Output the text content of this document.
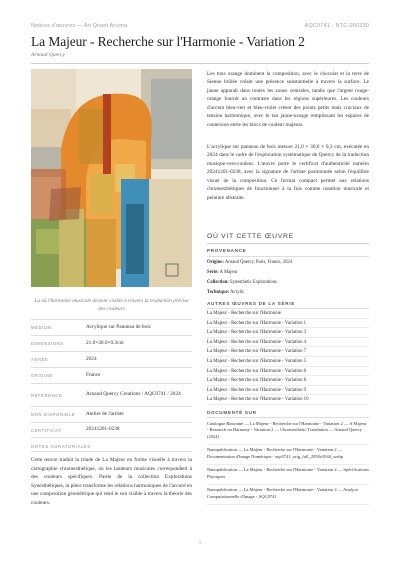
Notices d'œuvres — Art Quant Arcima	AQC0741 · NTC-000230
La Majeur - Recherche sur l'Harmonie - Variation 2
Arnaud Quercy
La où l'harmonie musicale devient visible à travers la traduction précise des couleurs
MÉDIUM	Acrylique sur Panneau de bois
DIMENSIONS	21.0×30.0×0.3cm
ANNÉE	2024
ORIGINE	France
RÉFÉRENCE	Arnaud Quercy Creations / AQC0741 / 2024
NON DISPONIBLE	Atelier de l'artiste
CERTIFICAT	20241201-0238
NOTES CURATORIALES
Cette œuvre traduit la triade de La Majeur en forme visuelle à travers la cartographie chromesthétique, où les hauteurs musicales correspondent à des couleurs spécifiques. Partie de la collection Explorations Synesthétiques, la pièce transforme les relations harmoniques de l'accord en une composition géométrique qui rend le son visible à travers la théorie des couleurs.
Les tons orange dominent la composition, avec le chocolat et la terre de Sienne brûlée créant une présence substantielle à travers la surface. Le jaune apparaît dans toutes les zones centrales, tandis que l'argent rouge-orange fournit un contraste dans les régions supérieures. Les couleurs d'accent bleu-vert et bleu-violet créent des points petits mais cruciaux de tension harmonique, avec le tan jaune-orange remplissant les espaces de connexion entre les blocs de couleur majeurs.
L'acrylique sur panneau de bois mesure 21,0 × 30,0 × 0,3 cm, exécutée en 2024 dans le cadre de l'exploration systématique de Quercy de la traduction musique-vers-couleur. L'œuvre porte le certificat d'authenticité numéro 20241201-0238, avec la signature de l'artiste positionnée selon l'équilibre visuel de la composition. Ce format compact permet aux relations chromesthétiques de fonctionner à la fois comme notation musicale et peinture abstraite.
OÙ VIT CETTE ŒUVRE
PROVENANCE
Origine: Arnaud Quercy, Paris, France, 2024
Série: A Majeur
Collection: Synesthetic Explorations
Technique: Acrylic
AUTRES ŒUVRES DE LA SÉRIE
La Majeur - Recherche sur l'Harmonie
La Majeur - Recherche sur l'Harmonie - Variation 1
La Majeur - Recherche sur l'Harmonie - Variation 3
La Majeur - Recherche sur l'Harmonie - Variation 4
La Majeur - Recherche sur l'Harmonie - Variation 7
La Majeur - Recherche sur l'Harmonie - Variation 5
La Majeur - Recherche sur l'Harmonie - Variation 6
La Majeur - Recherche sur l'Harmonie - Variation 8
La Majeur - Recherche sur l'Harmonie - Variation 9
La Majeur - Recherche sur l'Harmonie - Variation 10
DOCUMENTÉ SUR
Catalogue Raisonné — La Majeur - Recherche sur l'Harmonie - Variation 2 — A Majeur - Research on Harmony - Variation 2 — Chromesthetic Translation — Arnaud Quercy (2024)
Nanopublication — La Majeur - Recherche sur l'Harmonie - Variation 2 — Documentation d'Image Numérique - aqc0741_orig_full_2958x3944_webp
Nanopublication — La Majeur - Recherche sur l'Harmonie - Variation 2 — Spécifications Physiques
Nanopublication — La Majeur - Recherche sur l'Harmonie - Variation 2 — Analyse Computationnelle d'Image - AQC0741
1
